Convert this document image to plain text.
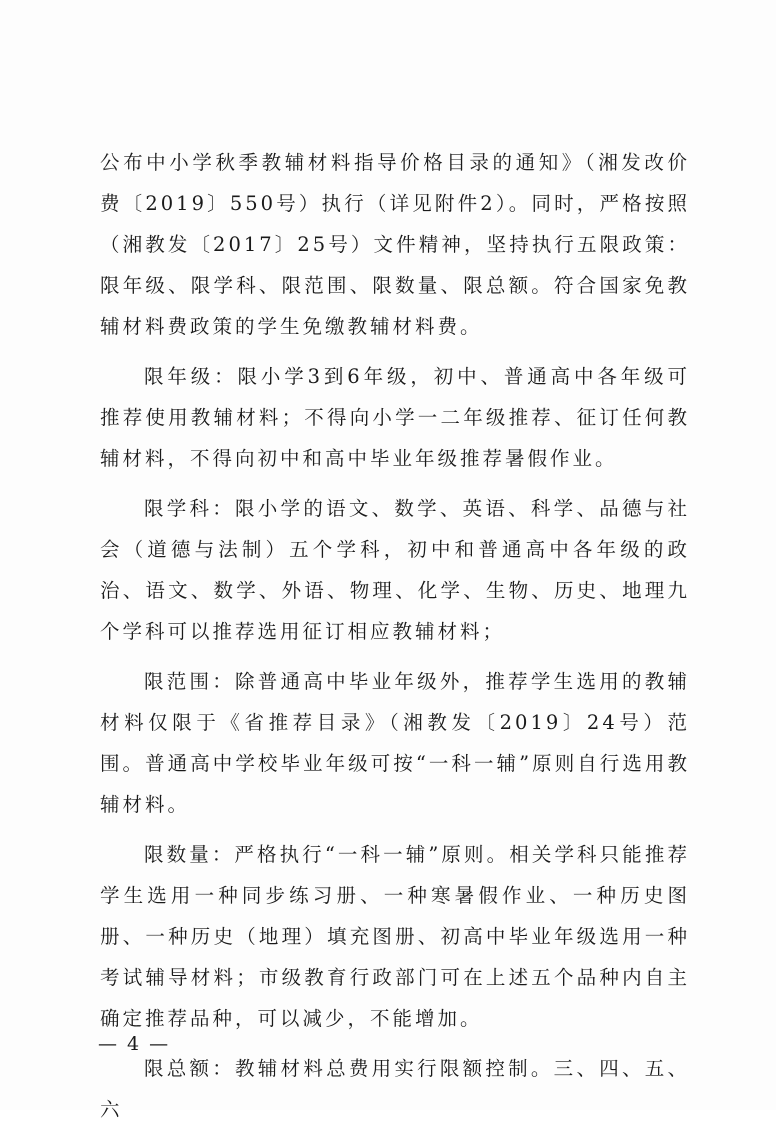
公布中小学秋季教辅材料指导价格目录的通知》（湘发改价费〔2019〕550号）执行（详见附件2）。同时，严格按照（湘教发〔2017〕25号）文件精神，坚持执行五限政策：限年级、限学科、限范围、限数量、限总额。符合国家免教辅材料费政策的学生免缴教辅材料费。

限年级：限小学3到6年级，初中、普通高中各年级可推荐使用教辅材料；不得向小学一二年级推荐、征订任何教辅材料，不得向初中和高中毕业年级推荐暑假作业。

限学科：限小学的语文、数学、英语、科学、品德与社会（道德与法制）五个学科，初中和普通高中各年级的政治、语文、数学、外语、物理、化学、生物、历史、地理九个学科可以推荐选用征订相应教辅材料；

限范围：除普通高中毕业年级外，推荐学生选用的教辅材料仅限于《省推荐目录》（湘教发〔2019〕24号）范围。普通高中学校毕业年级可按“一科一辅”原则自行选用教辅材料。

限数量：严格执行“一科一辅”原则。相关学科只能推荐学生选用一种同步练习册、一种寒暑假作业、一种历史图册、一种历史（地理）填充图册、初高中毕业年级选用一种考试辅导材料；市级教育行政部门可在上述五个品种内自主确定推荐品种，可以减少，不能增加。

限总额：教辅材料总费用实行限额控制。三、四、五、六

— 4 —
